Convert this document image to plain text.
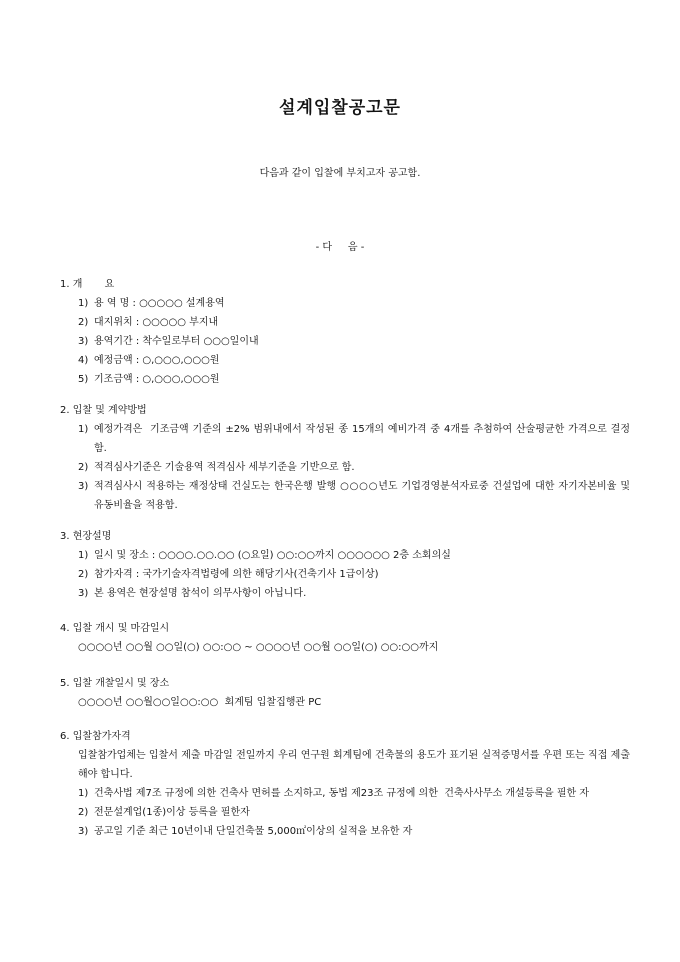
설계입찰공고문
다음과 같이 입찰에 부치고자 공고함.
- 다     음 -
1. 개       요
1) 용 역 명 : ○○○○○ 설계용역
2) 대지위치 : ○○○○○ 부지내
3) 용역기간 : 착수일로부터 ○○○일이내
4) 예정금액 : ○,○○○,○○○원
5) 기조금액 : ○,○○○,○○○원
2. 입찰 및 계약방법
1) 예정가격은  기조금액 기준의 ±2% 범위내에서 작성된 종 15개의 예비가격 중 4개를 추첨하여 산술평균한 가격으로 결정함.
2) 적격심사기준은 기술용역 적격심사 세부기준을 기반으로 함.
3) 적격심사시 적용하는 재정상태 건실도는 한국은행 발행 ○○○○년도 기업경영분석자료중 건설업에 대한 자기자본비율 및 유동비율을 적용함.
3. 현장설명
1) 일시 및 장소 : ○○○○.○○.○○ (○요일) ○○:○○까지 ○○○○○○ 2층 소회의실
2) 참가자격 : 국가기술자격법령에 의한 해당기사(건축기사 1급이상)
3) 본 용역은 현장설명 참석이 의무사항이 아닙니다.
4. 입찰 개시 및 마감일시
○○○○년 ○○월 ○○일(○) ○○:○○ ~ ○○○○년 ○○월 ○○일(○) ○○:○○까지
5. 입찰 개찰일시 및 장소
○○○○년 ○○월○○일○○:○○  회계팀 입찰집행관 PC
6. 입찰참가자격
입찰참가업체는 입찰서 제출 마감일 전일까지 우리 연구원 회계팀에 건축물의 용도가 표기된 실적증명서를 우편 또는 직접 제출해야 합니다.
1) 건축사법 제7조 규정에 의한 건축사 면허를 소지하고, 동법 제23조 규정에 의한  건축사사무소 개설등록을 필한 자
2) 전문설계업(1종)이상 등록을 필한자
3) 공고일 기준 최근 10년이내 단일건축물 5,000㎡이상의 실적을 보유한 자
